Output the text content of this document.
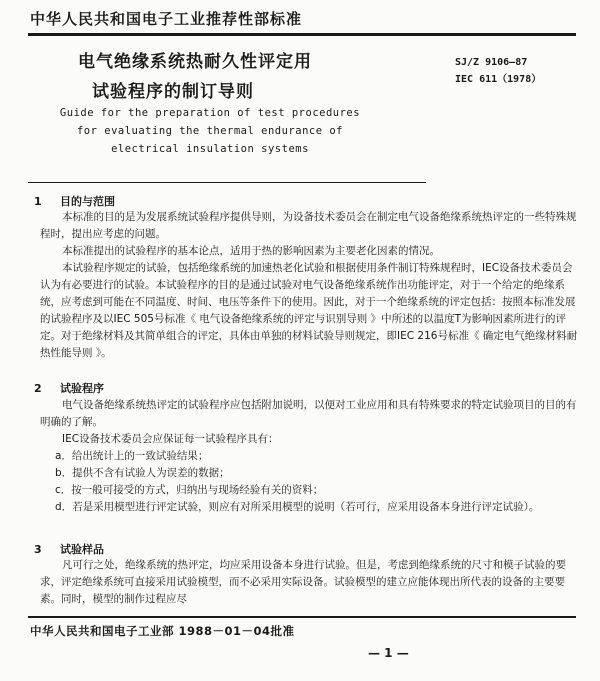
中华人民共和国电子工业推荐性部标准
电气绝缘系统热耐久性评定用
试验程序的制订导则
SJ/Z 9106—87
IEC 611（1978）
Guide for the preparation of test procedures
for evaluating the thermal endurance of
electrical insulation systems
1 目的与范围

本标准的目的是为发展系统试验程序提供导则，为设备技术委员会在制定电气设备绝缘系统热评定的一些特殊规程时，提出应考虑的问题。

本标准提出的试验程序的基本论点，适用于热的影响因素为主要老化因素的情况。

本试验程序规定的试验，包括绝缘系统的加速热老化试验和根据使用条件制订特殊规程时，IEC设备技术委员会认为有必要进行的试验。本试验程序的目的是通过试验对电气设备绝缘系统作出功能评定，对于一个给定的绝缘系统，应考虑到可能在不同温度、时间、电压等条件下的使用。因此，对于一个绝缘系统的评定包括：按照本标准发展的试验程序及以IEC 505号标准《 电气设备绝缘系统的评定与识别导则 》中所述的以温度T为影响因素所进行的评定。对于绝缘材料及其简单组合的评定，具体由单独的材料试验导则规定，即IEC 216号标准《 确定电气绝缘材料耐热性能导则 》。

2 试验程序

电气设备绝缘系统热评定的试验程序应包括附加说明，以便对工业应用和具有特殊要求的特定试验项目的目的有明确的了解。

IEC设备技术委员会应保证每一试验程序具有：

a．给出统计上的一致试验结果；
b．提供不含有试验人为误差的数据；
c．按一般可接受的方式，归纳出与现场经验有关的资料；
d．若是采用模型进行评定试验，则应有对所采用模型的说明（若可行，应采用设备本身进行评定试验）。
3 试验样品

凡可行之处，绝缘系统的热评定，均应采用设备本身进行试验。但是，考虑到绝缘系统的尺寸和模子试验的要求，评定绝缘系统可直接采用试验模型，而不必采用实际设备。试验模型的建立应能体现出所代表的设备的主要要素。同时，模型的制作过程应尽

中华人民共和国电子工业部 1988－01－04批准
— 1 —
